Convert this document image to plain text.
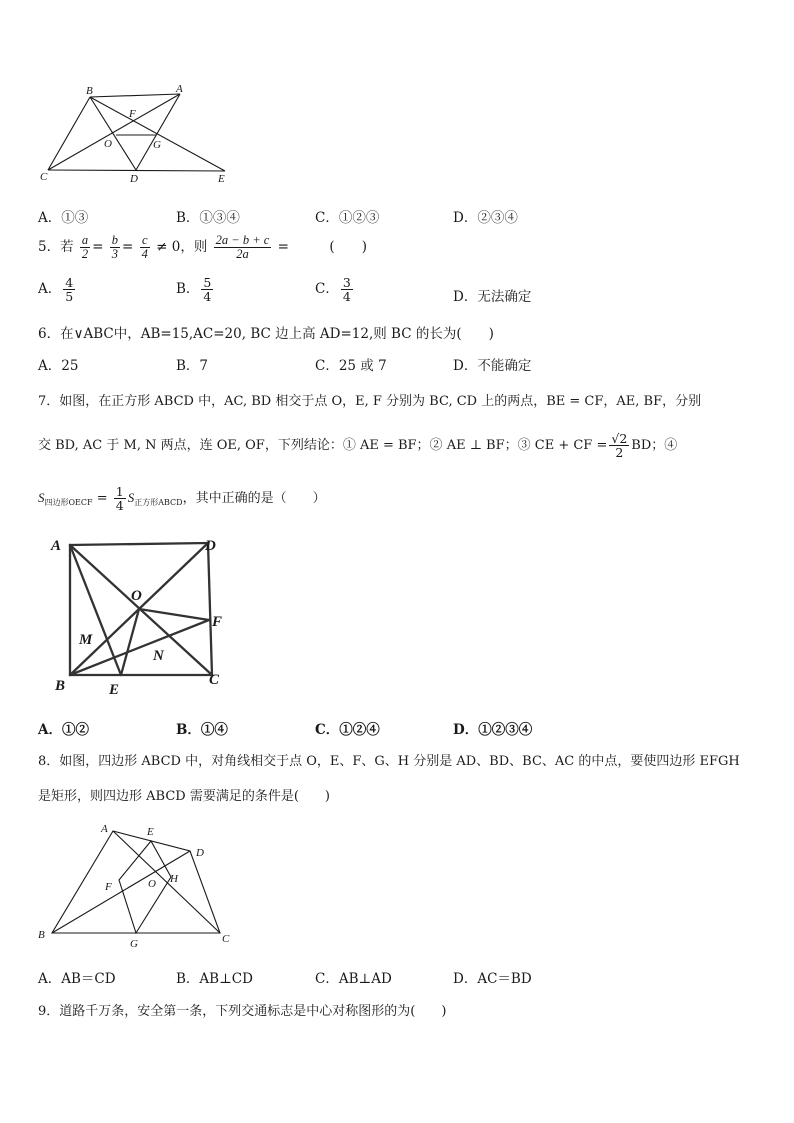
B	A
F
O	G
C	D	E
A．①③	B．①③④	C．①②③	D．②③④
5．若 $\frac{a}{2} = \frac{b}{3} = \frac{c}{4} \ne 0$，则 $\frac{2a - b + c}{2a}$ =　　　(　　)
A． $\frac{4}{5}$	B． $\frac{5}{4}$	C． $\frac{3}{4}$	D．无法确定
6．在∨ABC中，AB=15,AC=20, BC 边上高 AD=12,则 BC 的长为(　　)
A．25	B．7	C．25 或 7	D．不能确定
7．如图，在正方形 ABCD 中，AC, BD 相交于点 O，E, F 分别为 BC, CD 上的两点，BE = CF，AE, BF，分别
交 BD, AC 于 M, N 两点，连 OE, OF，下列结论：① AE = BF；② AE ⊥ BF；③ CE + CF = $\frac{√2}{2}$ BD；④
$S_{四边形OECF} = \frac{1}{4} S_{正方形ABCD}$，其中正确的是（　　）
A	D
O
F
M
N
B	E
C
A．①②	B．①④	C．①②④	D．①②③④
8．如图，四边形 ABCD 中，对角线相交于点 O，E、F、G、H 分别是 AD、BD、BC、AC 的中点，要使四边形 EFGH
是矩形，则四边形 ABCD 需要满足的条件是(　　)
A	E
D
F	O H
B
G	C
A．AB＝CD	B．AB⊥CD	C．AB⊥AD	D．AC＝BD
9．道路千万条，安全第一条，下列交通标志是中心对称图形的为(　　)
